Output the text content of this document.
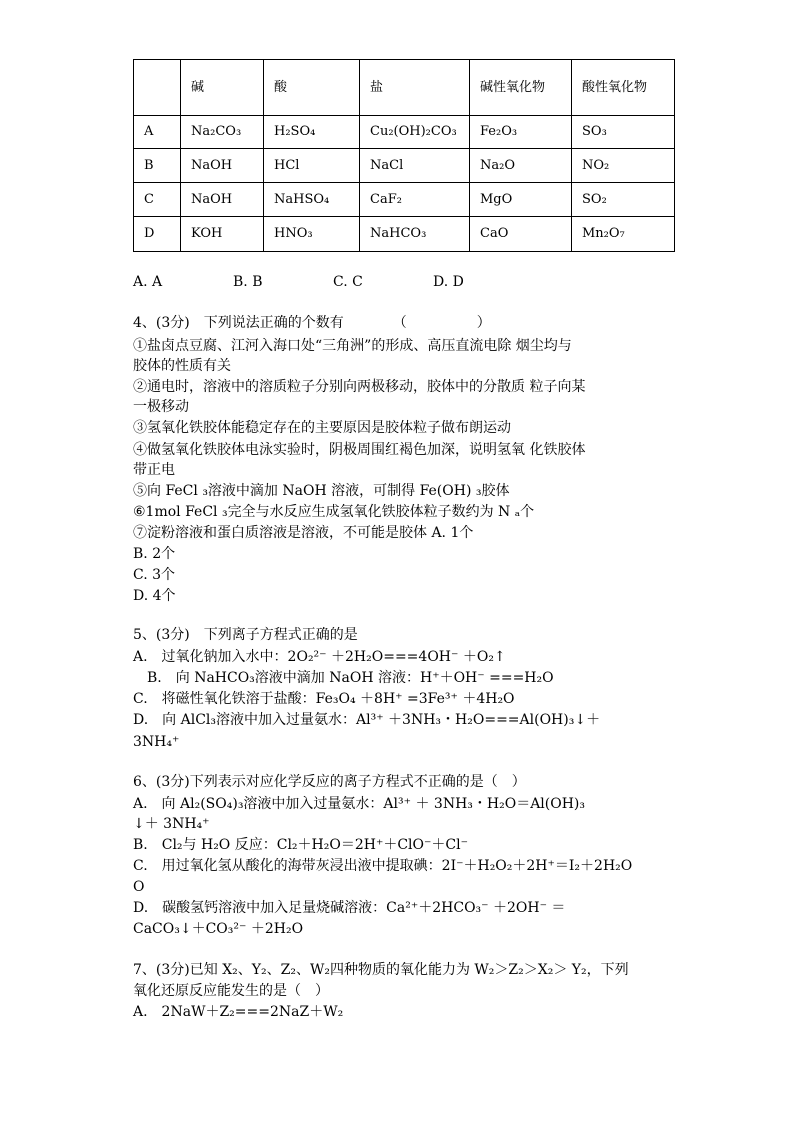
	碱	酸	盐	碱性氧化物	酸性氧化物
A	Na₂CO₃	H₂SO₄	Cu₂(OH)₂CO₃	Fe₂O₃	SO₃
B	NaOH	HCl	NaCl	Na₂O	NO₂
C	NaOH	NaHSO₄	CaF₂	MgO	SO₂
D	KOH	HNO₃	NaHCO₃	CaO	Mn₂O₇
A. A	B. B	C. C	D. D
4、(3分)　下列说法正确的个数有　　　　（　　　　　）
①盐卤点豆腐、江河入海口处“三角洲”的形成、高压直流电除 烟尘均与
胶体的性质有关
②通电时，溶液中的溶质粒子分别向两极移动，胶体中的分散质 粒子向某
一极移动
③氢氧化铁胶体能稳定存在的主要原因是胶体粒子做布朗运动
④做氢氧化铁胶体电泳实验时，阴极周围红褐色加深，说明氢氧 化铁胶体
带正电
⑤向 FeCl ₃溶液中滴加 NaOH 溶液，可制得 Fe(OH) ₃胶体
⑥1mol FeCl ₃完全与水反应生成氢氧化铁胶体粒子数约为 N ₐ个
⑦淀粉溶液和蛋白质溶液是溶液，不可能是胶体 A. 1个
B. 2个
C. 3个
D. 4个
5、(3分)　下列离子方程式正确的是
A.　过氧化钠加入水中：2O₂²⁻ ＋2H₂O===4OH⁻ ＋O₂↑
　B.　向 NaHCO₃溶液中滴加 NaOH 溶液：H⁺＋OH⁻ ===H₂O
C.　将磁性氧化铁溶于盐酸：Fe₃O₄ ＋8H⁺ =3Fe³⁺ ＋4H₂O
D.　向 AlCl₃溶液中加入过量氨水：Al³⁺ ＋3NH₃・H₂O===Al(OH)₃↓＋
3NH₄⁺
6、(3分)下列表示对应化学反应的离子方程式不正确的是（　）
A.　向 Al₂(SO₄)₃溶液中加入过量氨水：Al³⁺ ＋ 3NH₃・H₂O＝Al(OH)₃
↓＋ 3NH₄⁺
B.　Cl₂与 H₂O 反应：Cl₂＋H₂O＝2H⁺＋ClO⁻＋Cl⁻
C.　用过氧化氢从酸化的海带灰浸出液中提取碘：2I⁻＋H₂O₂＋2H⁺＝I₂＋2H₂O
O
D.　碳酸氢钙溶液中加入足量烧碱溶液：Ca²⁺＋2HCO₃⁻ ＋2OH⁻ ＝
CaCO₃↓＋CO₃²⁻ ＋2H₂O
7、(3分)已知 X₂、Y₂、Z₂、W₂四种物质的氧化能力为 W₂＞Z₂＞X₂＞ Y₂，下列
氧化还原反应能发生的是（　）
A.　2NaW＋Z₂===2NaZ＋W₂
